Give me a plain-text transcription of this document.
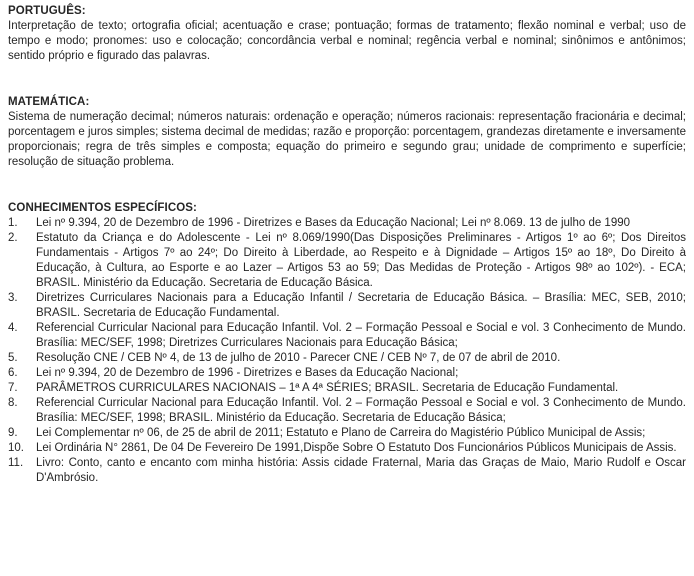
PORTUGUÊS:

Interpretação de texto; ortografia oficial; acentuação e crase; pontuação; formas de tratamento; flexão nominal e verbal; uso de tempo e modo; pronomes: uso e colocação; concordância verbal e nominal; regência verbal e nominal; sinônimos e antônimos; sentido próprio e figurado das palavras.

MATEMÁTICA:

Sistema de numeração decimal; números naturais: ordenação e operação; números racionais: representação fracionária e decimal; porcentagem e juros simples; sistema decimal de medidas; razão e proporção: porcentagem, grandezas diretamente e inversamente proporcionais; regra de três simples e composta; equação do primeiro e segundo grau; unidade de comprimento e superfície; resolução de situação problema.

CONHECIMENTOS ESPECÍFICOS:
1.	Lei nº 9.394, 20 de Dezembro de 1996 - Diretrizes e Bases da Educação Nacional; Lei nº 8.069. 13 de julho de 1990
2.	Estatuto da Criança e do Adolescente - Lei nº 8.069/1990(Das Disposições Preliminares - Artigos 1º ao 6º; Dos Direitos Fundamentais - Artigos 7º ao 24º; Do Direito à Liberdade, ao Respeito e à Dignidade – Artigos 15º ao 18º, Do Direito à Educação, à Cultura, ao Esporte e ao Lazer – Artigos 53 ao 59; Das Medidas de Proteção - Artigos 98º ao 102º). - ECA; BRASIL. Ministério da Educação. Secretaria de Educação Básica.
3.	Diretrizes Curriculares Nacionais para a Educação Infantil / Secretaria de Educação Básica. – Brasília: MEC, SEB, 2010; BRASIL. Secretaria de Educação Fundamental.
4.	Referencial Curricular Nacional para Educação Infantil. Vol. 2 – Formação Pessoal e Social e vol. 3 Conhecimento de Mundo. Brasília: MEC/SEF, 1998; Diretrizes Curriculares Nacionais para Educação Básica;
5.	Resolução CNE / CEB Nº 4, de 13 de julho de 2010 - Parecer CNE / CEB Nº 7, de 07 de abril de 2010.
6.	Lei nº 9.394, 20 de Dezembro de 1996 - Diretrizes e Bases da Educação Nacional;
7.	PARÂMETROS CURRICULARES NACIONAIS – 1ª A 4ª SÉRIES; BRASIL. Secretaria de Educação Fundamental.
8.	Referencial Curricular Nacional para Educação Infantil. Vol. 2 – Formação Pessoal e Social e vol. 3 Conhecimento de Mundo. Brasília: MEC/SEF, 1998; BRASIL. Ministério da Educação. Secretaria de Educação Básica;
9.	Lei Complementar nº 06, de 25 de abril de 2011; Estatuto e Plano de Carreira do Magistério Público Municipal de Assis;
10.	Lei Ordinária N° 2861, De 04 De Fevereiro De 1991,Dispõe Sobre O Estatuto Dos Funcionários Públicos Municipais de Assis.
11.	Livro: Conto, canto e encanto com minha história: Assis cidade Fraternal, Maria das Graças de Maio, Mario Rudolf e Oscar D'Ambrósio.
